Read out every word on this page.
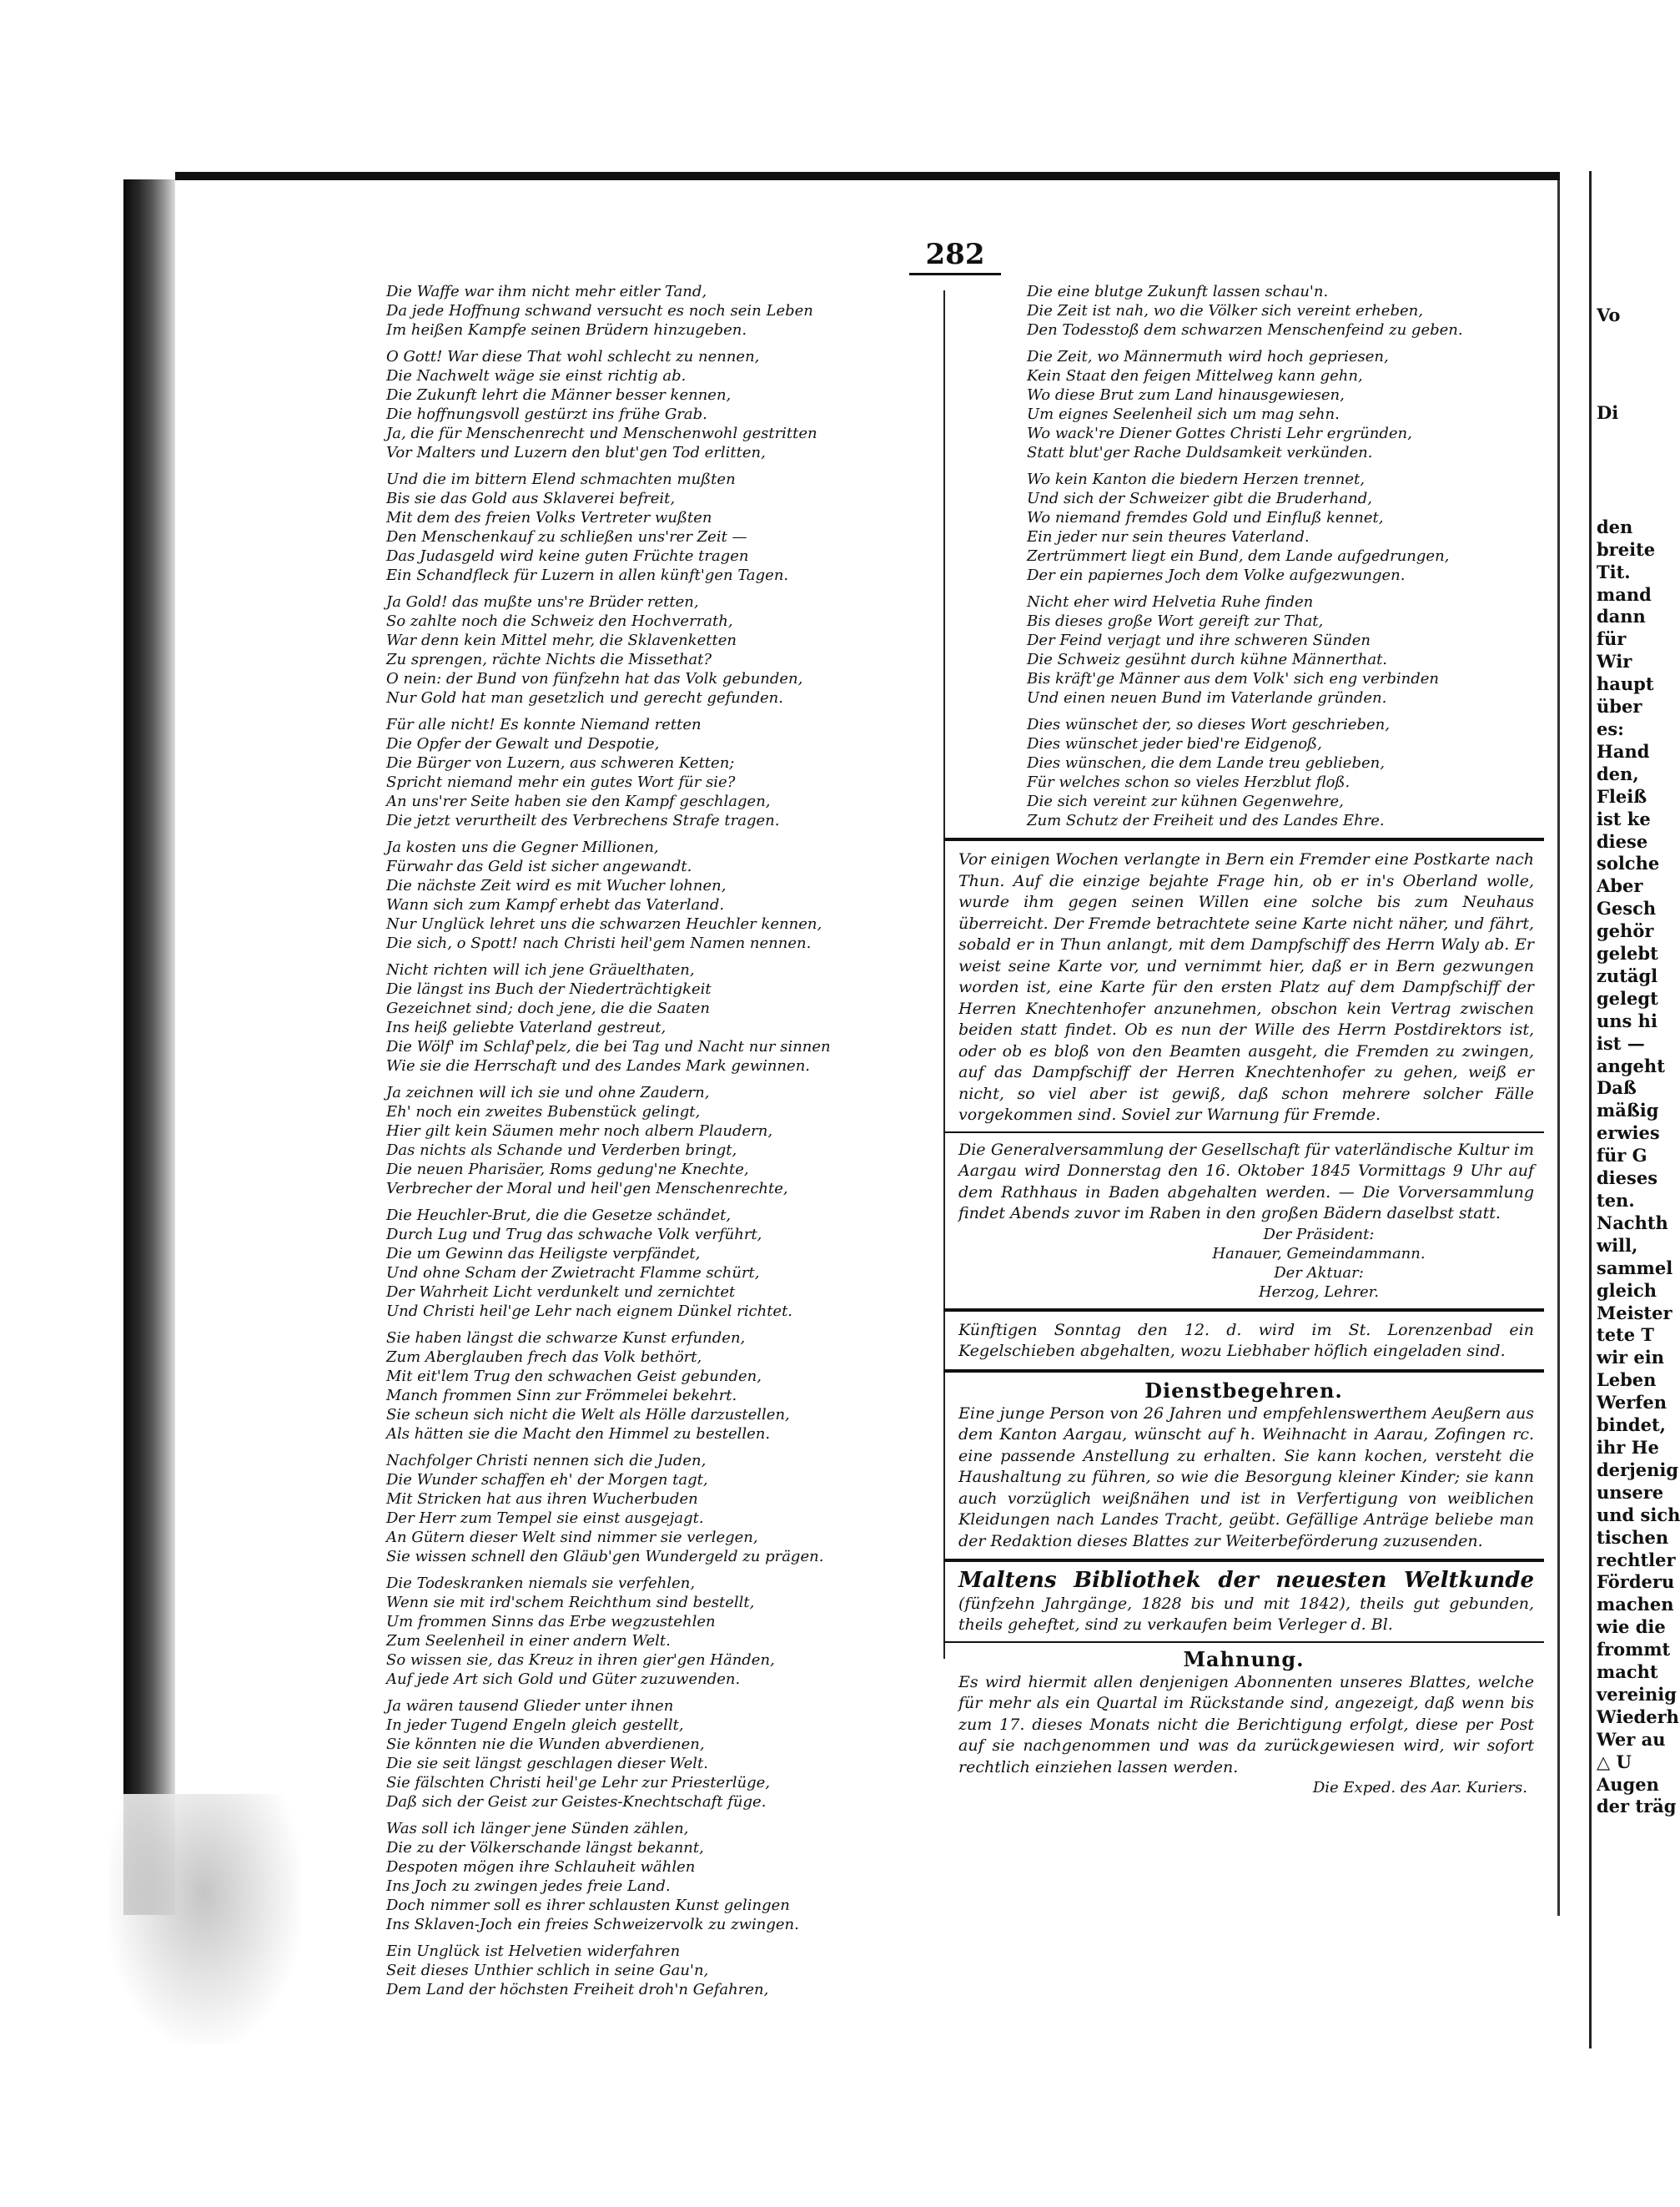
Vo
Di
den
breite
Tit.
mand
dann
für
Wir
haupt
über
es:
Hand
den,
Fleiß
ist ke
diese
solche
Aber
Gesch
gehör
gelebt
zutägl
gelegt
uns hi
ist —
angeht
Daß
mäßig
erwies
für G
dieses
ten.
Nachth
will,
sammel
gleich
Meister
tete T
wir ein
Leben
Werfen
bindet,
ihr He
derjenig
unsere
und sich
tischen
rechtler
Förderu
machen
wie die
frommt
macht
vereinig
Wiederh
Wer au
△ U
Augen
der träg
282
Die Waffe war ihm nicht mehr eitler Tand,
Da jede Hoffnung schwand versucht es noch sein Leben
Im heißen Kampfe seinen Brüdern hinzugeben.
O Gott! War diese That wohl schlecht zu nennen,
Die Nachwelt wäge sie einst richtig ab.
Die Zukunft lehrt die Männer besser kennen,
Die hoffnungsvoll gestürzt ins frühe Grab.
Ja, die für Menschenrecht und Menschenwohl gestritten
Vor Malters und Luzern den blut'gen Tod erlitten,
Und die im bittern Elend schmachten mußten
Bis sie das Gold aus Sklaverei befreit,
Mit dem des freien Volks Vertreter wußten
Den Menschenkauf zu schließen uns'rer Zeit —
Das Judasgeld wird keine guten Früchte tragen
Ein Schandfleck für Luzern in allen künft'gen Tagen.
Ja Gold! das mußte uns're Brüder retten,
So zahlte noch die Schweiz den Hochverrath,
War denn kein Mittel mehr, die Sklavenketten
Zu sprengen, rächte Nichts die Missethat?
O nein: der Bund von fünfzehn hat das Volk gebunden,
Nur Gold hat man gesetzlich und gerecht gefunden.
Für alle nicht! Es konnte Niemand retten
Die Opfer der Gewalt und Despotie,
Die Bürger von Luzern, aus schweren Ketten;
Spricht niemand mehr ein gutes Wort für sie?
An uns'rer Seite haben sie den Kampf geschlagen,
Die jetzt verurtheilt des Verbrechens Strafe tragen.
Ja kosten uns die Gegner Millionen,
Fürwahr das Geld ist sicher angewandt.
Die nächste Zeit wird es mit Wucher lohnen,
Wann sich zum Kampf erhebt das Vaterland.
Nur Unglück lehret uns die schwarzen Heuchler kennen,
Die sich, o Spott! nach Christi heil'gem Namen nennen.
Nicht richten will ich jene Gräuelthaten,
Die längst ins Buch der Niederträchtigkeit
Gezeichnet sind; doch jene, die die Saaten
Ins heiß geliebte Vaterland gestreut,
Die Wölf' im Schlaf'pelz, die bei Tag und Nacht nur sinnen
Wie sie die Herrschaft und des Landes Mark gewinnen.
Ja zeichnen will ich sie und ohne Zaudern,
Eh' noch ein zweites Bubenstück gelingt,
Hier gilt kein Säumen mehr noch albern Plaudern,
Das nichts als Schande und Verderben bringt,
Die neuen Pharisäer, Roms gedung'ne Knechte,
Verbrecher der Moral und heil'gen Menschenrechte,
Die Heuchler-Brut, die die Gesetze schändet,
Durch Lug und Trug das schwache Volk verführt,
Die um Gewinn das Heiligste verpfändet,
Und ohne Scham der Zwietracht Flamme schürt,
Der Wahrheit Licht verdunkelt und zernichtet
Und Christi heil'ge Lehr nach eignem Dünkel richtet.
Sie haben längst die schwarze Kunst erfunden,
Zum Aberglauben frech das Volk bethört,
Mit eit'lem Trug den schwachen Geist gebunden,
Manch frommen Sinn zur Frömmelei bekehrt.
Sie scheun sich nicht die Welt als Hölle darzustellen,
Als hätten sie die Macht den Himmel zu bestellen.
Nachfolger Christi nennen sich die Juden,
Die Wunder schaffen eh' der Morgen tagt,
Mit Stricken hat aus ihren Wucherbuden
Der Herr zum Tempel sie einst ausgejagt.
An Gütern dieser Welt sind nimmer sie verlegen,
Sie wissen schnell den Gläub'gen Wundergeld zu prägen.
Die Todeskranken niemals sie verfehlen,
Wenn sie mit ird'schem Reichthum sind bestellt,
Um frommen Sinns das Erbe wegzustehlen
Zum Seelenheil in einer andern Welt.
So wissen sie, das Kreuz in ihren gier'gen Händen,
Auf jede Art sich Gold und Güter zuzuwenden.
Ja wären tausend Glieder unter ihnen
In jeder Tugend Engeln gleich gestellt,
Sie könnten nie die Wunden abverdienen,
Die sie seit längst geschlagen dieser Welt.
Sie fälschten Christi heil'ge Lehr zur Priesterlüge,
Daß sich der Geist zur Geistes-Knechtschaft füge.
Was soll ich länger jene Sünden zählen,
Die zu der Völkerschande längst bekannt,
Despoten mögen ihre Schlauheit wählen
Ins Joch zu zwingen jedes freie Land.
Doch nimmer soll es ihrer schlausten Kunst gelingen
Ins Sklaven-Joch ein freies Schweizervolk zu zwingen.
Ein Unglück ist Helvetien widerfahren
Seit dieses Unthier schlich in seine Gau'n,
Dem Land der höchsten Freiheit droh'n Gefahren,
Die eine blutge Zukunft lassen schau'n.
Die Zeit ist nah, wo die Völker sich vereint erheben,
Den Todesstoß dem schwarzen Menschenfeind zu geben.
Die Zeit, wo Männermuth wird hoch gepriesen,
Kein Staat den feigen Mittelweg kann gehn,
Wo diese Brut zum Land hinausgewiesen,
Um eignes Seelenheil sich um mag sehn.
Wo wack're Diener Gottes Christi Lehr ergründen,
Statt blut'ger Rache Duldsamkeit verkünden.
Wo kein Kanton die biedern Herzen trennet,
Und sich der Schweizer gibt die Bruderhand,
Wo niemand fremdes Gold und Einfluß kennet,
Ein jeder nur sein theures Vaterland.
Zertrümmert liegt ein Bund, dem Lande aufgedrungen,
Der ein papiernes Joch dem Volke aufgezwungen.
Nicht eher wird Helvetia Ruhe finden
Bis dieses große Wort gereift zur That,
Der Feind verjagt und ihre schweren Sünden
Die Schweiz gesühnt durch kühne Männerthat.
Bis kräft'ge Männer aus dem Volk' sich eng verbinden
Und einen neuen Bund im Vaterlande gründen.
Dies wünschet der, so dieses Wort geschrieben,
Dies wünschet jeder bied're Eidgenoß,
Dies wünschen, die dem Lande treu geblieben,
Für welches schon so vieles Herzblut floß.
Die sich vereint zur kühnen Gegenwehre,
Zum Schutz der Freiheit und des Landes Ehre.
Vor einigen Wochen verlangte in Bern ein Fremder eine Postkarte nach Thun. Auf die einzige bejahte Frage hin, ob er in's Oberland wolle, wurde ihm gegen seinen Willen eine solche bis zum Neuhaus überreicht. Der Fremde betrachtete seine Karte nicht näher, und fährt, sobald er in Thun anlangt, mit dem Dampfschiff des Herrn Waly ab. Er weist seine Karte vor, und vernimmt hier, daß er in Bern gezwungen worden ist, eine Karte für den ersten Platz auf dem Dampfschiff der Herren Knechtenhofer anzunehmen, obschon kein Vertrag zwischen beiden statt findet. Ob es nun der Wille des Herrn Postdirektors ist, oder ob es bloß von den Beamten ausgeht, die Fremden zu zwingen, auf das Dampfschiff der Herren Knechtenhofer zu gehen, weiß er nicht, so viel aber ist gewiß, daß schon mehrere solcher Fälle vorgekommen sind. Soviel zur Warnung für Fremde.
Die Generalversammlung der Gesellschaft für vaterländische Kultur im Aargau wird Donnerstag den 16. Oktober 1845 Vormittags 9 Uhr auf dem Rathhaus in Baden abgehalten werden. — Die Vorversammlung findet Abends zuvor im Raben in den großen Bädern daselbst statt.
Der Präsident:
Hanauer, Gemeindammann.
Der Aktuar:
Herzog, Lehrer.
Künftigen Sonntag den 12. d. wird im St. Lorenzenbad ein Kegelschieben abgehalten, wozu Liebhaber höflich eingeladen sind.
Dienstbegehren.
Eine junge Person von 26 Jahren und empfehlenswerthem Aeußern aus dem Kanton Aargau, wünscht auf h. Weihnacht in Aarau, Zofingen rc. eine passende Anstellung zu erhalten. Sie kann kochen, versteht die Haushaltung zu führen, so wie die Besorgung kleiner Kinder; sie kann auch vorzüglich weißnähen und ist in Verfertigung von weiblichen Kleidungen nach Landes Tracht, geübt. Gefällige Anträge beliebe man der Redaktion dieses Blattes zur Weiterbeförderung zuzusenden.
Maltens Bibliothek der neuesten Weltkunde (fünfzehn Jahrgänge, 1828 bis und mit 1842), theils gut gebunden, theils geheftet, sind zu verkaufen beim Verleger d. Bl.
Mahnung.
Es wird hiermit allen denjenigen Abonnenten unseres Blattes, welche für mehr als ein Quartal im Rückstande sind, angezeigt, daß wenn bis zum 17. dieses Monats nicht die Berichtigung erfolgt, diese per Post auf sie nachgenommen und was da zurückgewiesen wird, wir sofort rechtlich einziehen lassen werden.
Die Exped. des Aar. Kuriers.
